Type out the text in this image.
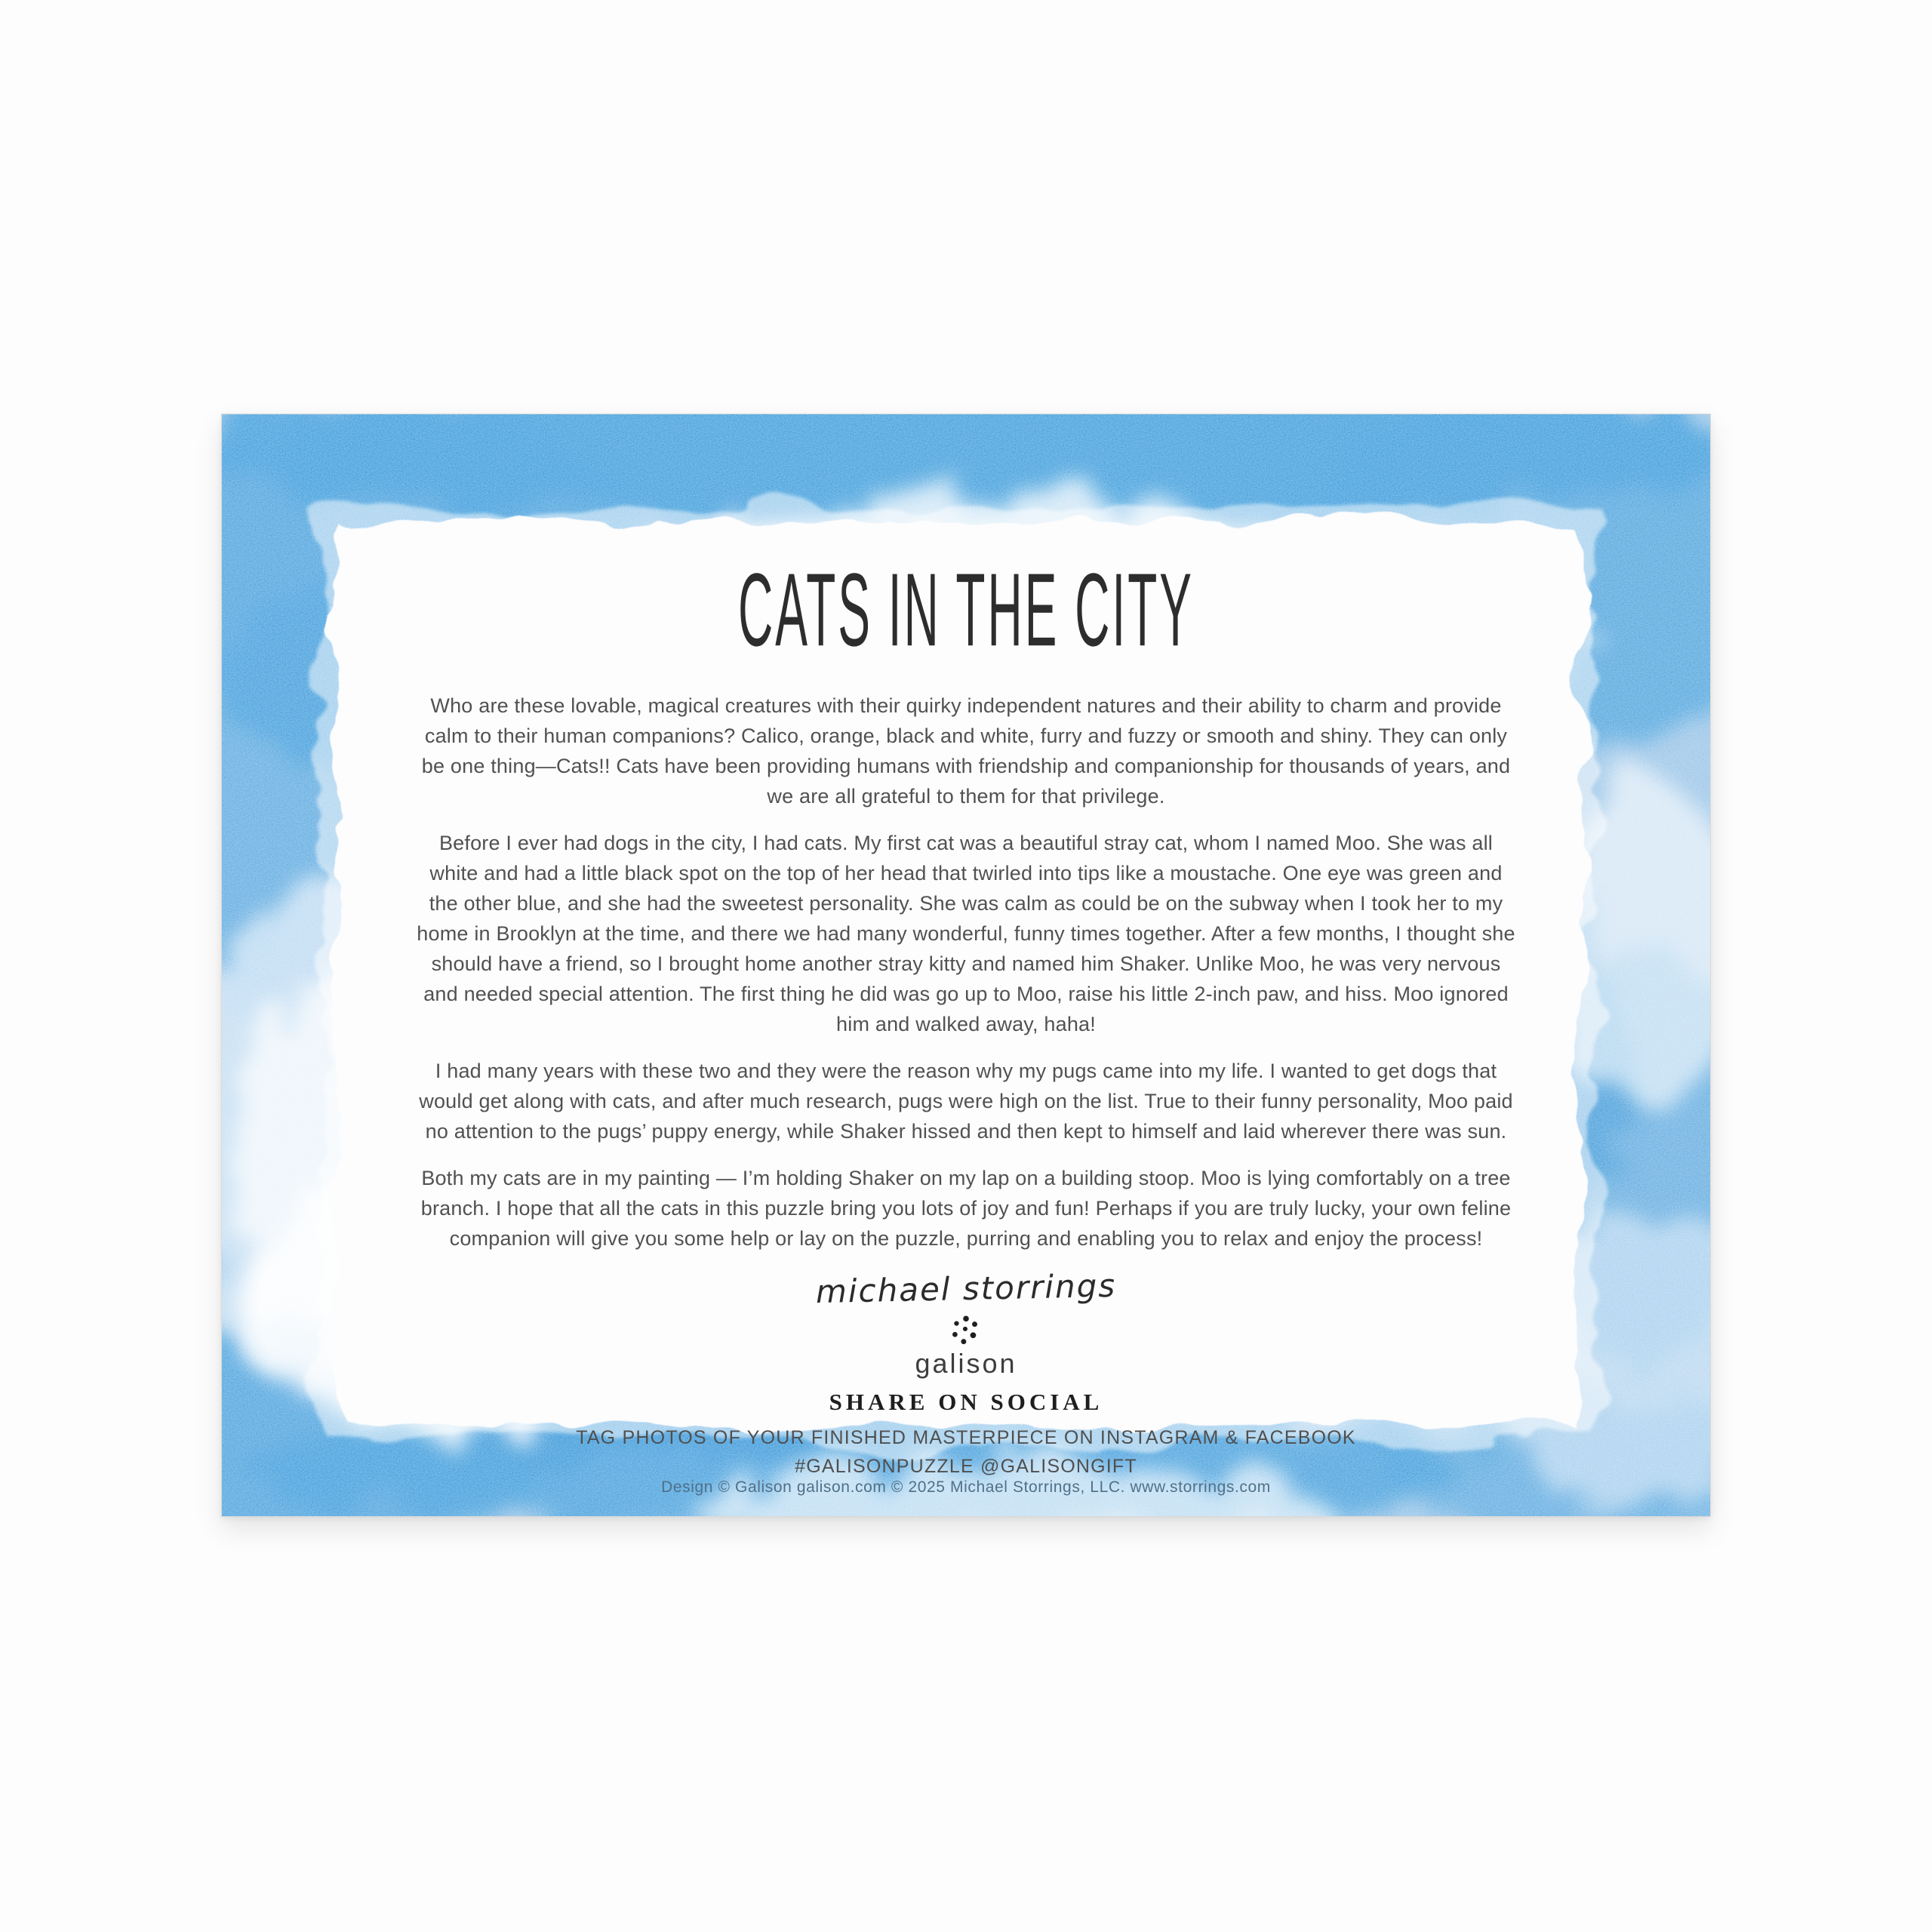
CATS IN THE CITY

Who are these lovable, magical creatures with their quirky independent natures and their ability to charm and provide calm to their human companions? Calico, orange, black and white, furry and fuzzy or smooth and shiny. They can only be one thing—Cats!! Cats have been providing humans with friendship and companionship for thousands of years, and we are all grateful to them for that privilege.

Before I ever had dogs in the city, I had cats. My first cat was a beautiful stray cat, whom I named Moo. She was all white and had a little black spot on the top of her head that twirled into tips like a moustache. One eye was green and the other blue, and she had the sweetest personality. She was calm as could be on the subway when I took her to my home in Brooklyn at the time, and there we had many wonderful, funny times together. After a few months, I thought she should have a friend, so I brought home another stray kitty and named him Shaker. Unlike Moo, he was very nervous and needed special attention. The first thing he did was go up to Moo, raise his little 2-inch paw, and hiss. Moo ignored him and walked away, haha!

I had many years with these two and they were the reason why my pugs came into my life. I wanted to get dogs that would get along with cats, and after much research, pugs were high on the list. True to their funny personality, Moo paid no attention to the pugs’ puppy energy, while Shaker hissed and then kept to himself and laid wherever there was sun.

Both my cats are in my painting — I’m holding Shaker on my lap on a building stoop. Moo is lying comfortably on a tree branch. I hope that all the cats in this puzzle bring you lots of joy and fun! Perhaps if you are truly lucky, your own feline companion will give you some help or lay on the puzzle, purring and enabling you to relax and enjoy the process!

michael storrings
galison
SHARE ON SOCIAL
TAG PHOTOS OF YOUR FINISHED MASTERPIECE ON INSTAGRAM & FACEBOOK
#GALISONPUZZLE @GALISONGIFT
Design © Galison galison.com © 2025 Michael Storrings, LLC. www.storrings.com
